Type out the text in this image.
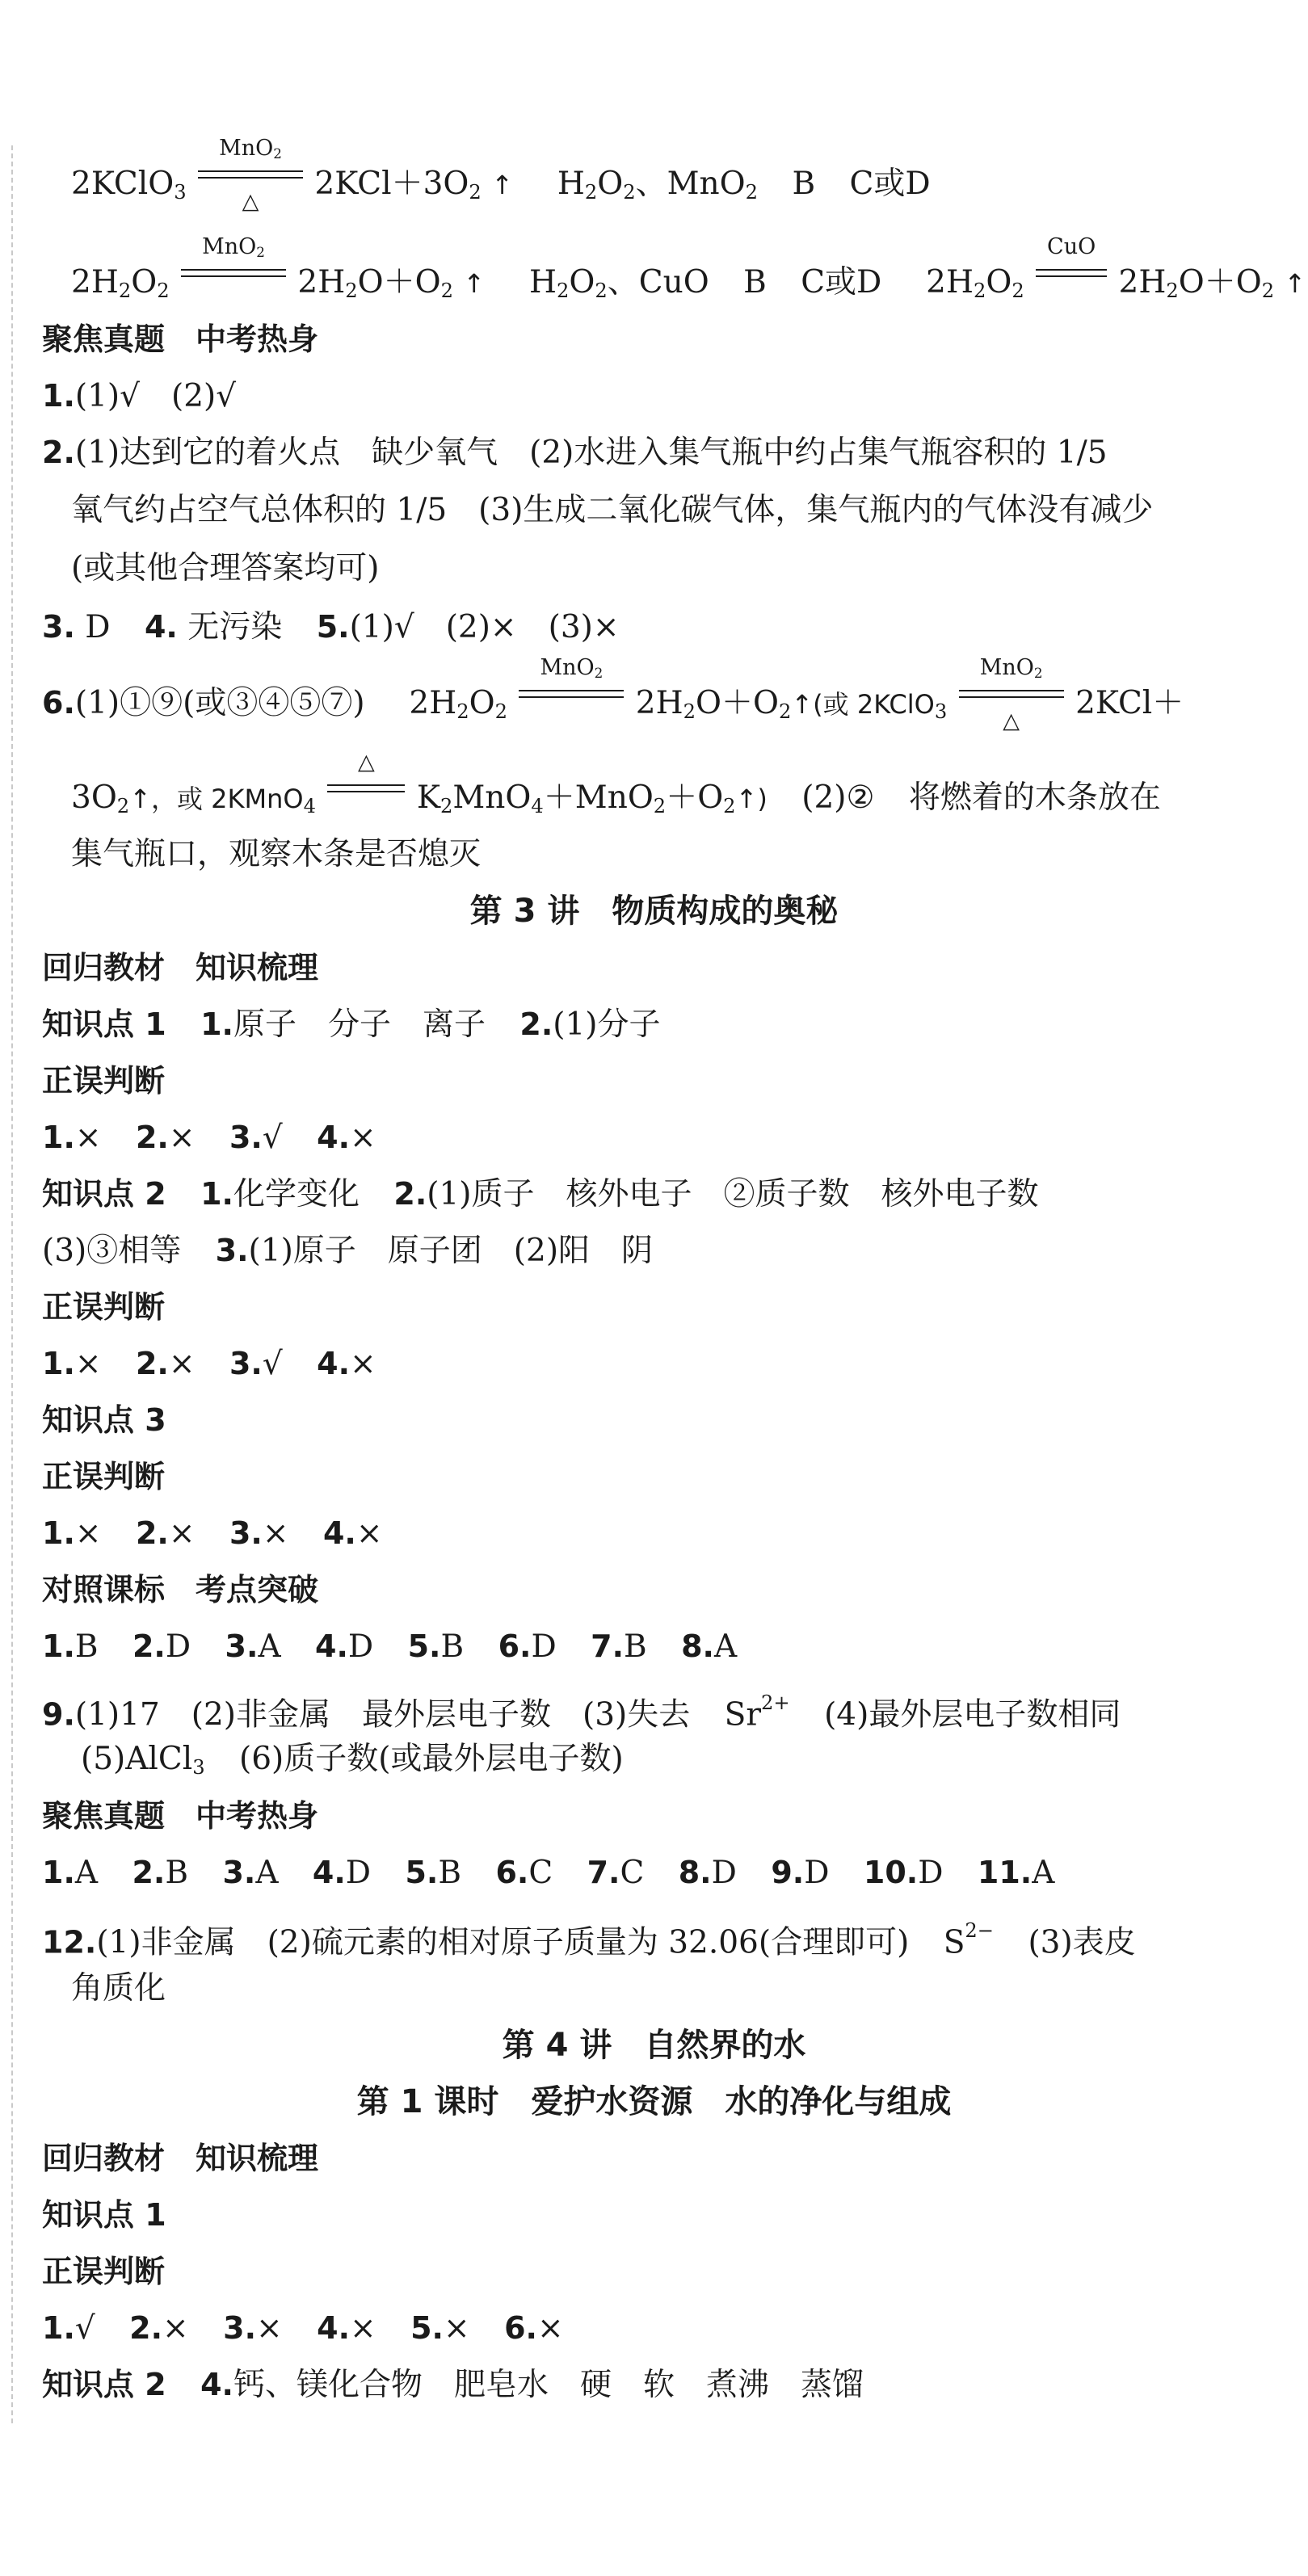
2KClO$_3$
MnO$_2$
△	$2KCl+3O_2$ ↑ $H_2O_2$、MnO$_2$ B C或D
$2H_2O_2$
MnO$_2$
$2H_2O+O_2$ ↑ $H_2O_2$、CuO B C或D $2H_2O_2$
CuO
$2H_2O+O_2$ ↑
聚焦真题　中考热身
1.(1)√　(2)√
2.(1)达到它的着火点　缺少氧气　(2)水进入集气瓶中约占集气瓶容积的 1/5
氧气约占空气总体积的 1/5　(3)生成二氧化碳气体，集气瓶内的气体没有减少
(或其他合理答案均可)
3. D 4. 无污染 5.(1)√　(2)×　(3)×
6.(1)①⑨(或③④⑤⑦) $2H_2O_2$
MnO$_2$
$2H_2O+O_2↑$(或 2KClO$_3$
MnO$_2$
△	2KCl＋
$3O_2↑$，或 2KMnO$_4$
△
$K_2MnO_4+MnO_2+O_2↑$) (2)② 将燃着的木条放在
集气瓶口，观察木条是否熄灭
第 3 讲　物质构成的奥秘
回归教材　知识梳理
知识点 1 1.原子　分子　离子 2.(1)分子
正误判断
1.× 2.× 3.√ 4.×
知识点 2 1.化学变化 2.(1)质子　核外电子　②质子数　核外电子数
(3)③相等 3.(1)原子　原子团　(2)阳　阴
正误判断
1.× 2.× 3.√ 4.×
知识点 3
正误判断
1.× 2.× 3.× 4.×
对照课标　考点突破
1.B 2.D 3.A 4.D 5.B 6.D 7.B 8.A
9.(1)17　(2)非金属　最外层电子数　(3)失去 $Sr^{2+}$ (4)最外层电子数相同
(5)AlCl$_3$ (6)质子数(或最外层电子数)
聚焦真题　中考热身
1.A 2.B 3.A 4.D 5.B 6.C 7.C 8.D 9.D 10.D 11.A
12.(1)非金属　(2)硫元素的相对原子质量为 32.06(合理即可) $S^{2-}$ (3)表皮
角质化
第 4 讲　自然界的水
第 1 课时　爱护水资源　水的净化与组成
回归教材　知识梳理
知识点 1
正误判断
1.√ 2.× 3.× 4.× 5.× 6.×
知识点 2 4.钙、镁化合物　肥皂水　硬　软　煮沸　蒸馏
